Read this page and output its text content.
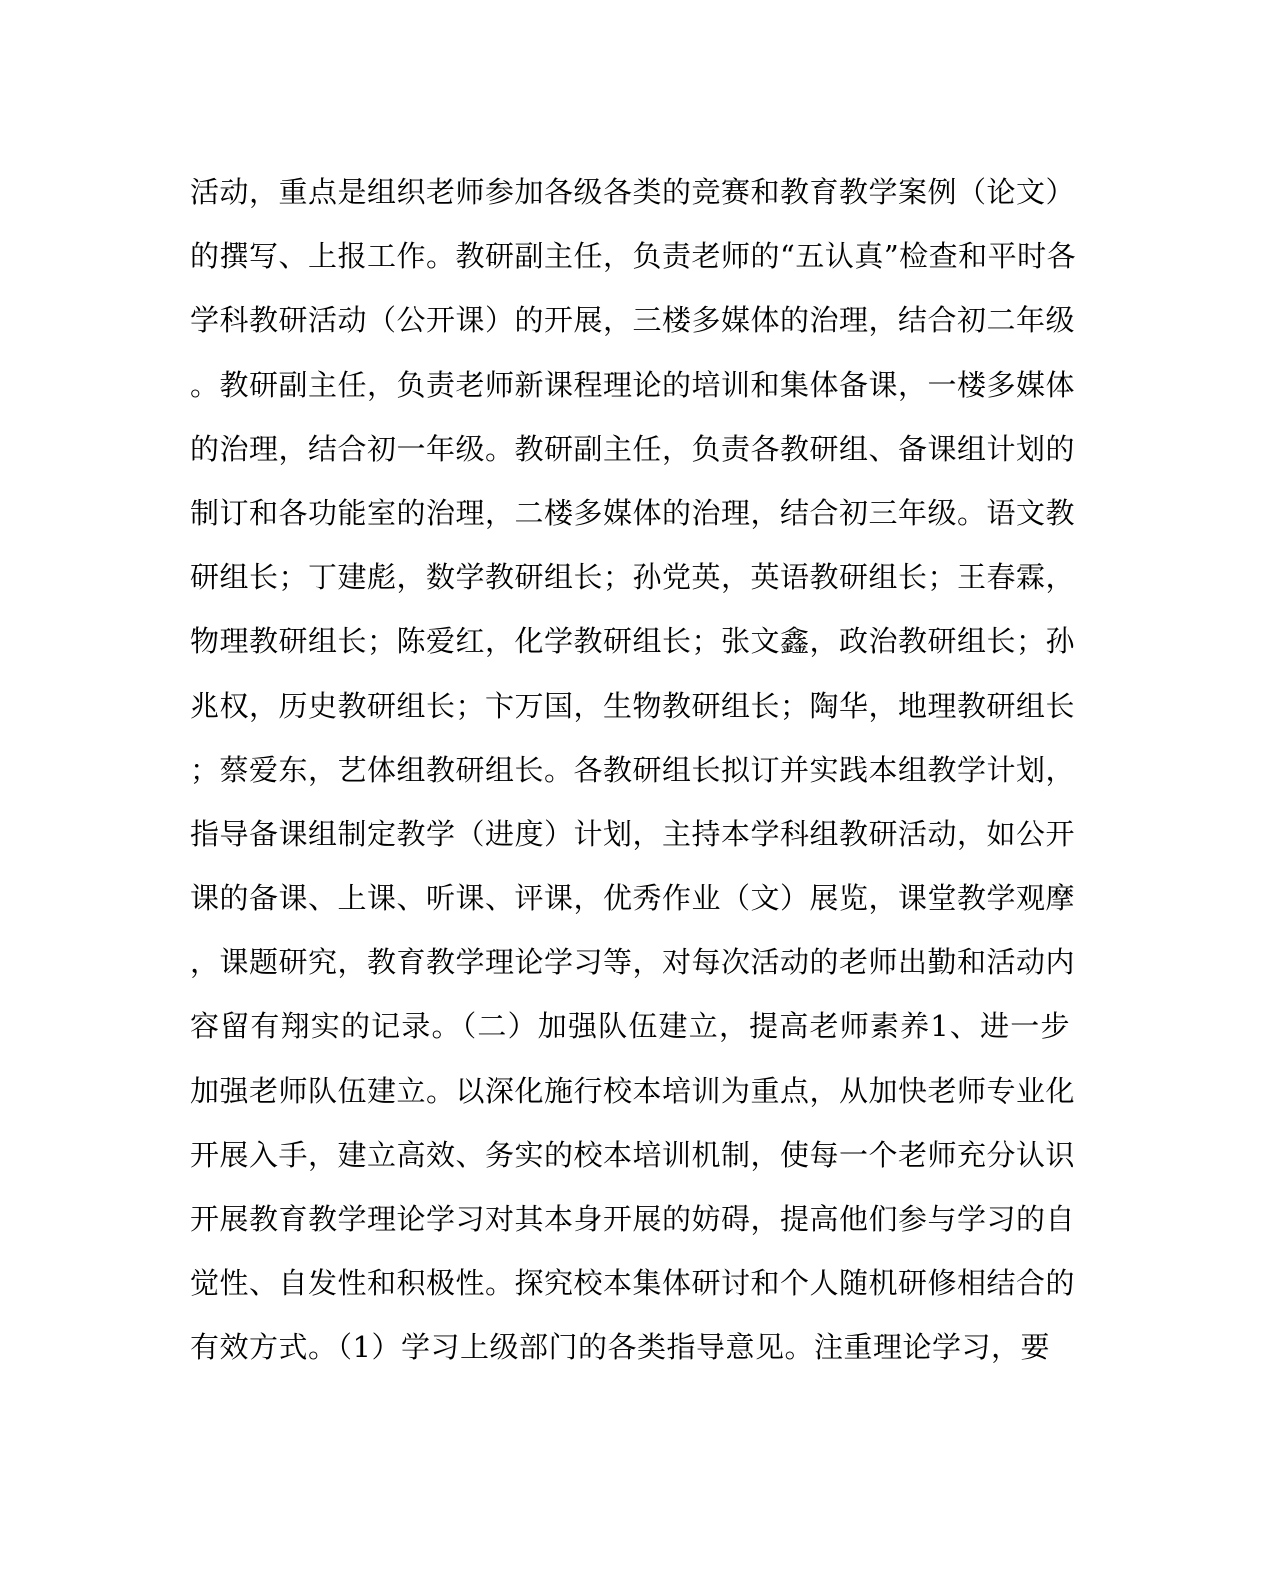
活动，重点是组织老师参加各级各类的竞赛和教育教学案例（论文）
的撰写、上报工作。教研副主任，负责老师的“五认真”检查和平时各
学科教研活动（公开课）的开展，三楼多媒体的治理，结合初二年级
。教研副主任，负责老师新课程理论的培训和集体备课，一楼多媒体
的治理，结合初一年级。教研副主任，负责各教研组、备课组计划的
制订和各功能室的治理，二楼多媒体的治理，结合初三年级。语文教
研组长；丁建彪，数学教研组长；孙党英，英语教研组长；王春霖，
物理教研组长；陈爱红，化学教研组长；张文鑫，政治教研组长；孙
兆权，历史教研组长；卞万国，生物教研组长；陶华，地理教研组长
；蔡爱东，艺体组教研组长。各教研组长拟订并实践本组教学计划，
指导备课组制定教学（进度）计划，主持本学科组教研活动，如公开
课的备课、上课、听课、评课，优秀作业（文）展览，课堂教学观摩
，课题研究，教育教学理论学习等，对每次活动的老师出勤和活动内
容留有翔实的记录。（二）加强队伍建立，提高老师素养1、进一步
加强老师队伍建立。以深化施行校本培训为重点，从加快老师专业化
开展入手，建立高效、务实的校本培训机制，使每一个老师充分认识
开展教育教学理论学习对其本身开展的妨碍，提高他们参与学习的自
觉性、自发性和积极性。探究校本集体研讨和个人随机研修相结合的
有效方式。（1）学习上级部门的各类指导意见。注重理论学习，要
